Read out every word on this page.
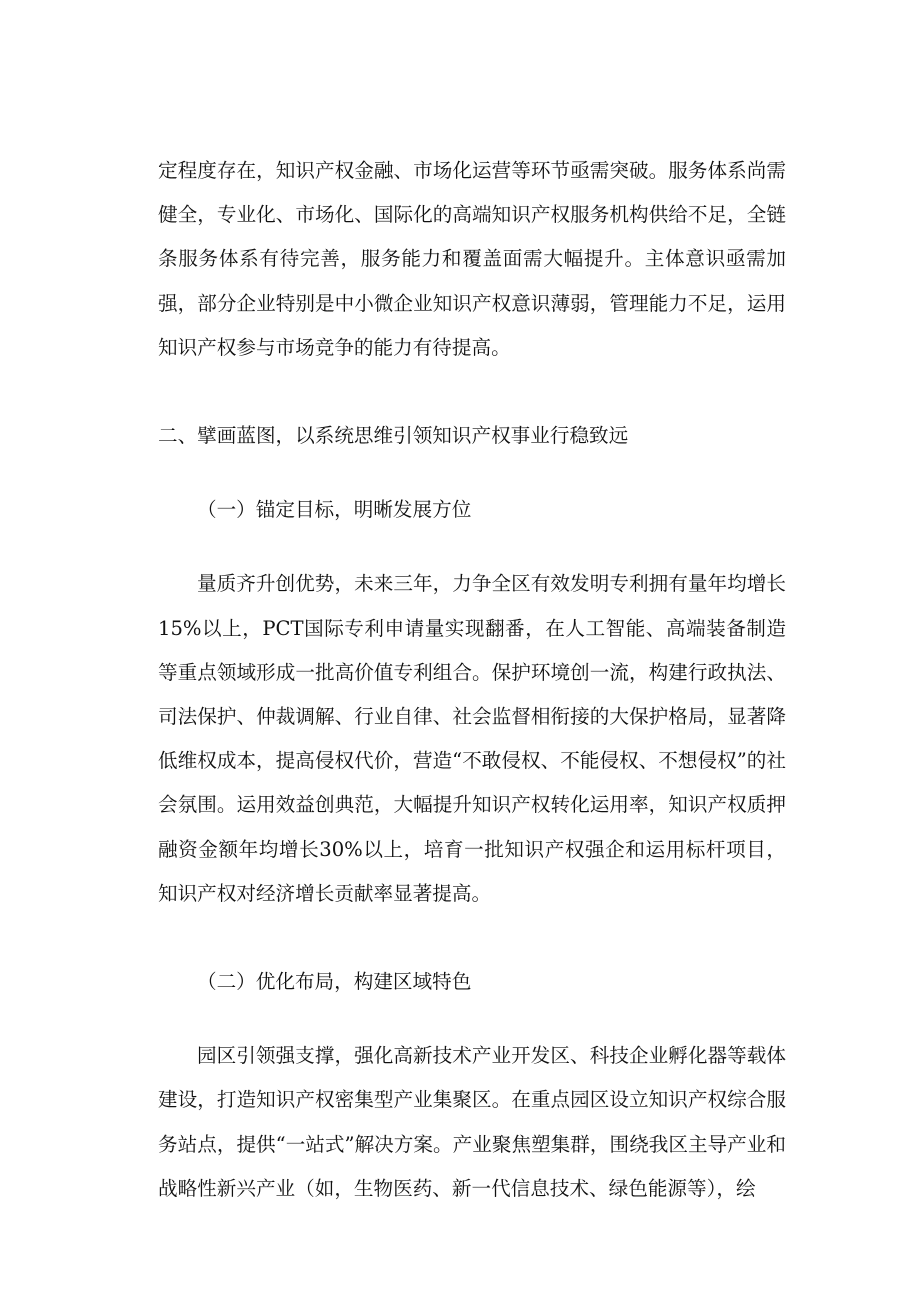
定程度存在，知识产权金融、市场化运营等环节亟需突破。服务体系尚需健全，专业化、市场化、国际化的高端知识产权服务机构供给不足，全链条服务体系有待完善，服务能力和覆盖面需大幅提升。主体意识亟需加强，部分企业特别是中小微企业知识产权意识薄弱，管理能力不足，运用知识产权参与市场竞争的能力有待提高。

二、擘画蓝图，以系统思维引领知识产权事业行稳致远

（一）锚定目标，明晰发展方位

量质齐升创优势，未来三年，力争全区有效发明专利拥有量年均增长15%以上，PCT国际专利申请量实现翻番，在人工智能、高端装备制造等重点领域形成一批高价值专利组合。保护环境创一流，构建行政执法、司法保护、仲裁调解、行业自律、社会监督相衔接的大保护格局，显著降低维权成本，提高侵权代价，营造“不敢侵权、不能侵权、不想侵权”的社会氛围。运用效益创典范，大幅提升知识产权转化运用率，知识产权质押融资金额年均增长30%以上，培育一批知识产权强企和运用标杆项目，知识产权对经济增长贡献率显著提高。

（二）优化布局，构建区域特色

园区引领强支撑，强化高新技术产业开发区、科技企业孵化器等载体建设，打造知识产权密集型产业集聚区。在重点园区设立知识产权综合服务站点，提供“一站式”解决方案。产业聚焦塑集群，围绕我区主导产业和战略性新兴产业（如，生物医药、新一代信息技术、绿色能源等），绘
